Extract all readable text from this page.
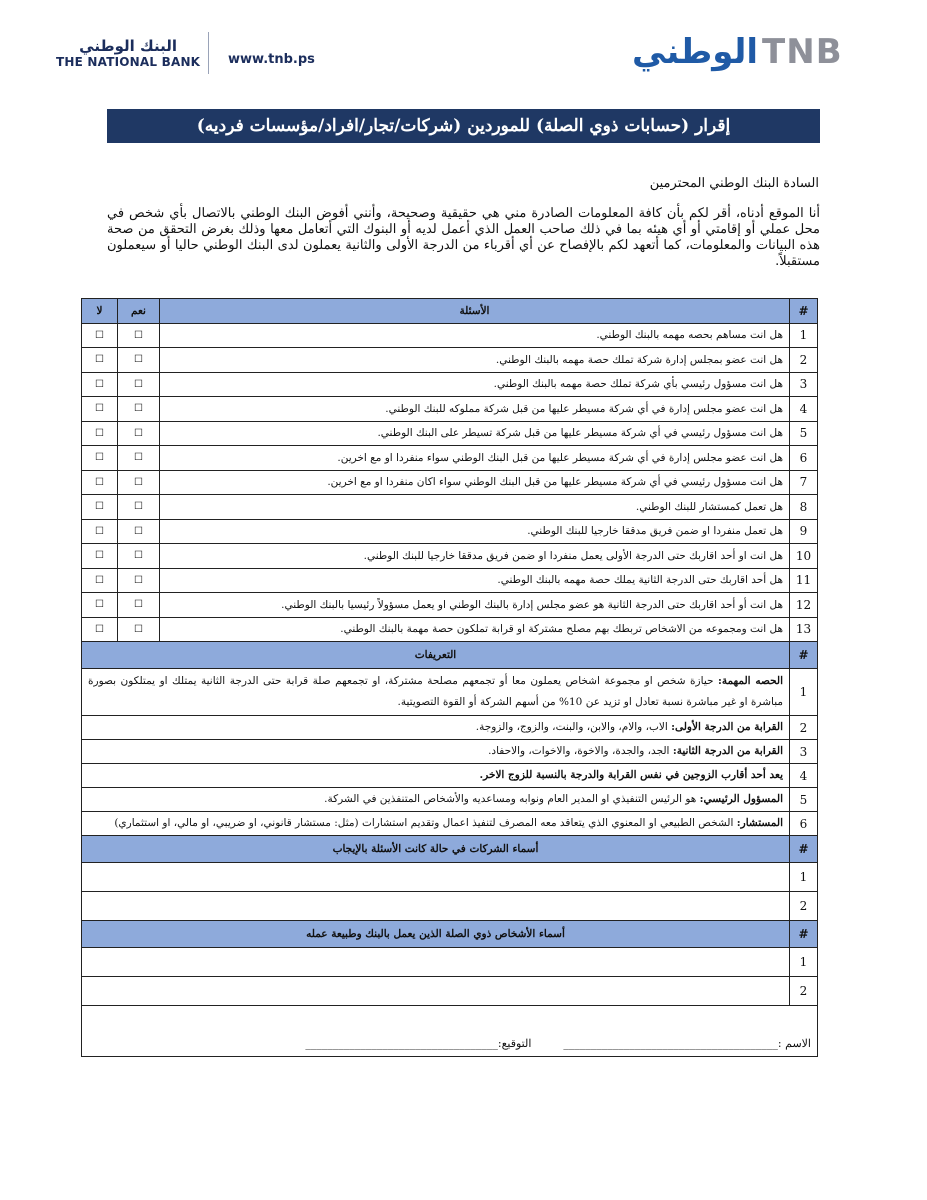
البنك الوطني
THE NATIONAL BANK www.tnb.ps	الوطني TNB
إقرار (حسابات ذوي الصلة) للموردين (شركات/تجار/افراد/مؤسسات فرديه)
السادة البنك الوطني المحترمين
أنا الموقع أدناه، أقر لكم بأن كافة المعلومات الصادرة مني هي حقيقية وصحيحة، وأنني أفوض البنك الوطني بالاتصال بأي شخص في محل عملي أو إقامتي أو أي هيئه بما في ذلك صاحب العمل الذي أعمل لديه أو البنوك التي أتعامل معها وذلك بغرض التحقق من صحة هذه البيانات والمعلومات، كما أتعهد لكم بالإفصاح عن أي أقرباء من الدرجة الأولى والثانية يعملون لدى البنك الوطني حاليا أو سيعملون مستقبلاً.
#	الأسئلة	نعم	لا
1	هل انت مساهم بحصه مهمه بالبنك الوطني.	☐	☐
2	هل انت عضو بمجلس إدارة شركة تملك حصة مهمه بالبنك الوطني.	☐	☐
3	هل انت مسؤول رئيسي بأي شركة تملك حصة مهمه بالبنك الوطني.	☐	☐
4	هل انت عضو مجلس إدارة في أي شركة مسيطر عليها من قبل شركة مملوكه للبنك الوطني.	☐	☐
5	هل انت مسؤول رئيسي في أي شركة مسيطر عليها من قبل شركة تسيطر على البنك الوطني.	☐	☐
6	هل انت عضو مجلس إدارة في أي شركة مسيطر عليها من قبل البنك الوطني سواء منفردا او مع اخرين.	☐	☐
7	هل انت مسؤول رئيسي في أي شركة مسيطر عليها من قبل البنك الوطني سواء اكان منفردا او مع اخرين.	☐	☐
8	هل تعمل كمستشار للبنك الوطني.	☐	☐
9	هل تعمل منفردا او ضمن فريق مدققا خارجيا للبنك الوطني.	☐	☐
10	هل انت او أحد اقاربك حتى الدرجة الأولى يعمل منفردا او ضمن فريق مدققا خارجيا للبنك الوطني.	☐	☐
11	هل أحد اقاربك حتى الدرجة الثانية يملك حصة مهمه بالبنك الوطني.	☐	☐
12	هل انت أو أحد اقاربك حتى الدرجة الثانية هو عضو مجلس إدارة بالبنك الوطني او يعمل مسؤولاً رئيسيا بالبنك الوطني.	☐	☐
13	هل انت ومجموعه من الاشخاص تربطك بهم مصلح مشتركة او قرابة تملكون حصة مهمة بالبنك الوطني.	☐	☐
#	التعريفات		
1	الحصه المهمة: حيازة شخص او مجموعة اشخاص يعملون معا أو تجمعهم مصلحة مشتركة، او تجمعهم صلة قرابة حتى الدرجة الثانية يمتلك او يمتلكون بصورة مباشرة او غير مباشرة نسبة تعادل او تزيد عن 10% من أسهم الشركة أو القوة التصويتية.		
2	القرابة من الدرجة الأولى: الاب، والام، والابن، والبنت، والزوج، والزوجة.		
3	القرابة من الدرجة الثانية: الجد، والجدة، والاخوة، والاخوات، والاحفاد.		
4	يعد أحد أقارب الزوجين في نفس القرابة والدرجة بالنسبة للزوج الاخر.		
5	المسؤول الرئيسي: هو الرئيس التنفيذي او المدير العام ونوابه ومساعديه والأشخاص المتنفذين في الشركة.		
6	المستشار: الشخص الطبيعي او المعنوي الذي يتعاقد معه المصرف لتنفيذ اعمال وتقديم استشارات (مثل: مستشار قانوني، او ضريبي، او مالي، او استثماري)		
#	أسماء الشركات في حالة كانت الأسئلة بالإيجاب		
1			
2			
#	أسماء الأشخاص ذوي الصلة الذين يعمل بالبنك وطبيعة عمله		
1			
2			

الاسم :
_______________________________________
التوقيع:
___________________________________			
